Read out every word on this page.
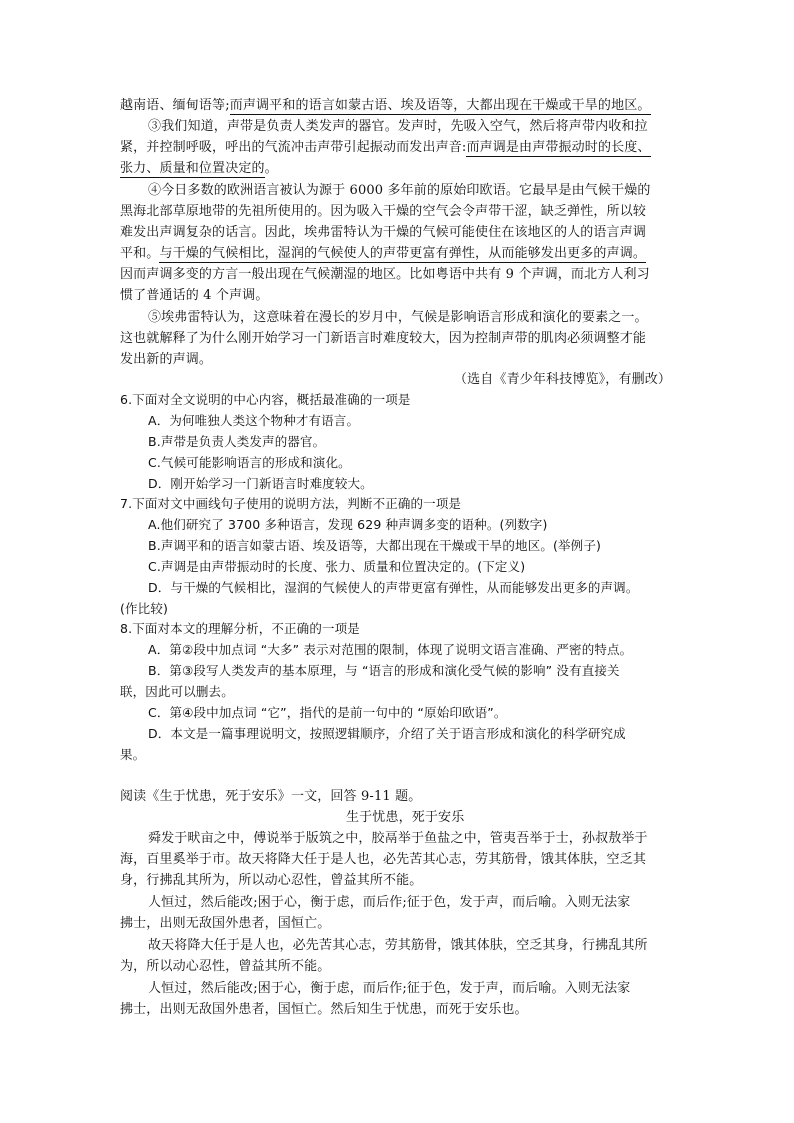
越南语、缅甸语等;而声调平和的语言如蒙古语、埃及语等，大都出现在干燥或干旱的地区。
③我们知道，声带是负责人类发声的器官。发声时，先吸入空气，然后将声带内收和拉
紧，并控制呼吸，呼出的气流冲击声带引起振动而发出声音:而声调是由声带振动时的长度、
张力、质量和位置决定的。
④今日多数的欧洲语言被认为源于 6000 多年前的原始印欧语。它最早是由气候干燥的
黑海北部草原地带的先祖所使用的。因为吸入干燥的空气会令声带干涩，缺乏弹性，所以较
难发出声调复杂的话言。因此，埃弗雷特认为干燥的气候可能使住在该地区的人的语言声调
平和。与干燥的气候相比，湿润的气候使人的声带更富有弹性，从而能够发出更多的声调。
因而声调多变的方言一般出现在气候潮湿的地区。比如粤语中共有 9 个声调，而北方人利习
惯了普通话的 4 个声调。
⑤埃弗雷特认为，这意味着在漫长的岁月中，气候是影响语言形成和演化的要素之一。
这也就解释了为什么刚开始学习一门新语言时难度较大，因为控制声带的肌肉必须调整才能
发出新的声调。
（选自《青少年科技博览》，有删改）
6.下面对全文说明的中心内容，概括最准确的一项是
A．为何唯独人类这个物种才有语言。
B.声带是负责人类发声的器官。
C.气候可能影响语言的形成和演化。
D．刚开始学习一门新语言时难度较大。
7.下面对文中画线句子使用的说明方法，判断不正确的一项是
A.他们研究了 3700 多种语言，发现 629 种声调多变的语种。(列数字)
B.声调平和的语言如蒙古语、埃及语等，大都出现在干燥或干旱的地区。(举例子)
C.声调是由声带振动时的长度、张力、质量和位置决定的。(下定义)
D．与干燥的气候相比，湿润的气候使人的声带更富有弹性，从而能够发出更多的声调。
(作比较)
8.下面对本文的理解分析，不正确的一项是
A．第②段中加点词 “大多” 表示对范围的限制，体现了说明文语言准确、严密的特点。
B．第③段写人类发声的基本原理，与 “语言的形成和演化受气候的影响” 没有直接关
联，因此可以删去。
C．第④段中加点词 “它”，指代的是前一句中的 “原始印欧语”。
D．本文是一篇事理说明文，按照逻辑顺序，介绍了关于语言形成和演化的科学研究成
果。
阅读《生于忧患，死于安乐》一文，回答 9-11 题。
生于忧患，死于安乐
舜发于畎亩之中，傅说举于版筑之中，胶鬲举于鱼盐之中，管夷吾举于士，孙叔敖举于
海，百里奚举于市。故天将降大任于是人也，必先苦其心志，劳其筋骨，饿其体肤，空乏其
身，行拂乱其所为，所以动心忍性，曾益其所不能。
人恒过，然后能改;困于心，衡于虑，而后作;征于色，发于声，而后喻。入则无法家
拂士，出则无敌国外患者，国恒亡。
故天将降大任于是人也，必先苦其心志，劳其筋骨，饿其体肤，空乏其身，行拂乱其所
为，所以动心忍性，曾益其所不能。
人恒过，然后能改;困于心，衡于虑，而后作;征于色，发于声，而后喻。入则无法家
拂士，出则无敌国外患者，国恒亡。然后知生于忧患，而死于安乐也。
